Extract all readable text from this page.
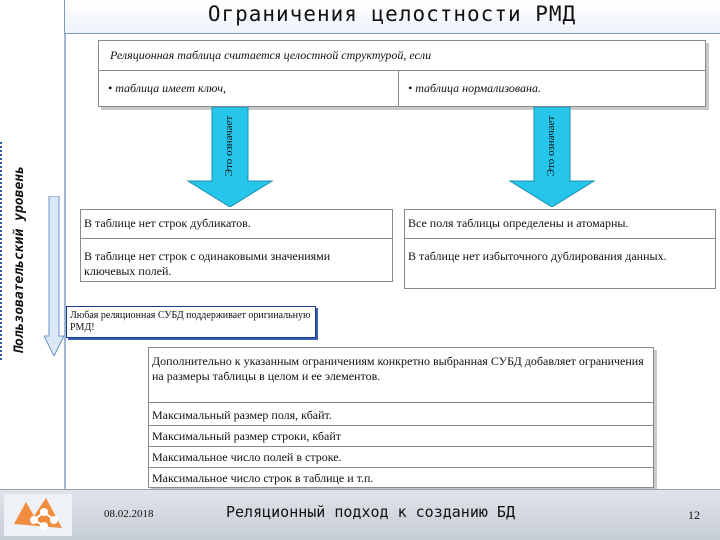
Ограничения целостности РМД
Пользовательский уровень
Реляционная таблица считается целостной структурой, если
• таблица имеет ключ,	• таблица нормализована.
Это означает	Это означает
В таблице нет строк дубликатов.
В таблице нет строк с одинаковыми значениями ключевых полей.
Все поля таблицы определены и атомарны.
В таблице нет избыточного дублирования данных.
Любая реляционная СУБД поддерживает оригинальную РМД!
Дополнительно к указанным ограничениям конкретно выбранная СУБД добавляет ограничения на размеры таблицы в целом и ее элементов.
Максимальный размер поля, кбайт.
Максимальный размер строки, кбайт
Максимальное число полей в строке.
Максимальное число строк в таблице и т.п.
08.02.2018	Реляционный подход к созданию БД	12
